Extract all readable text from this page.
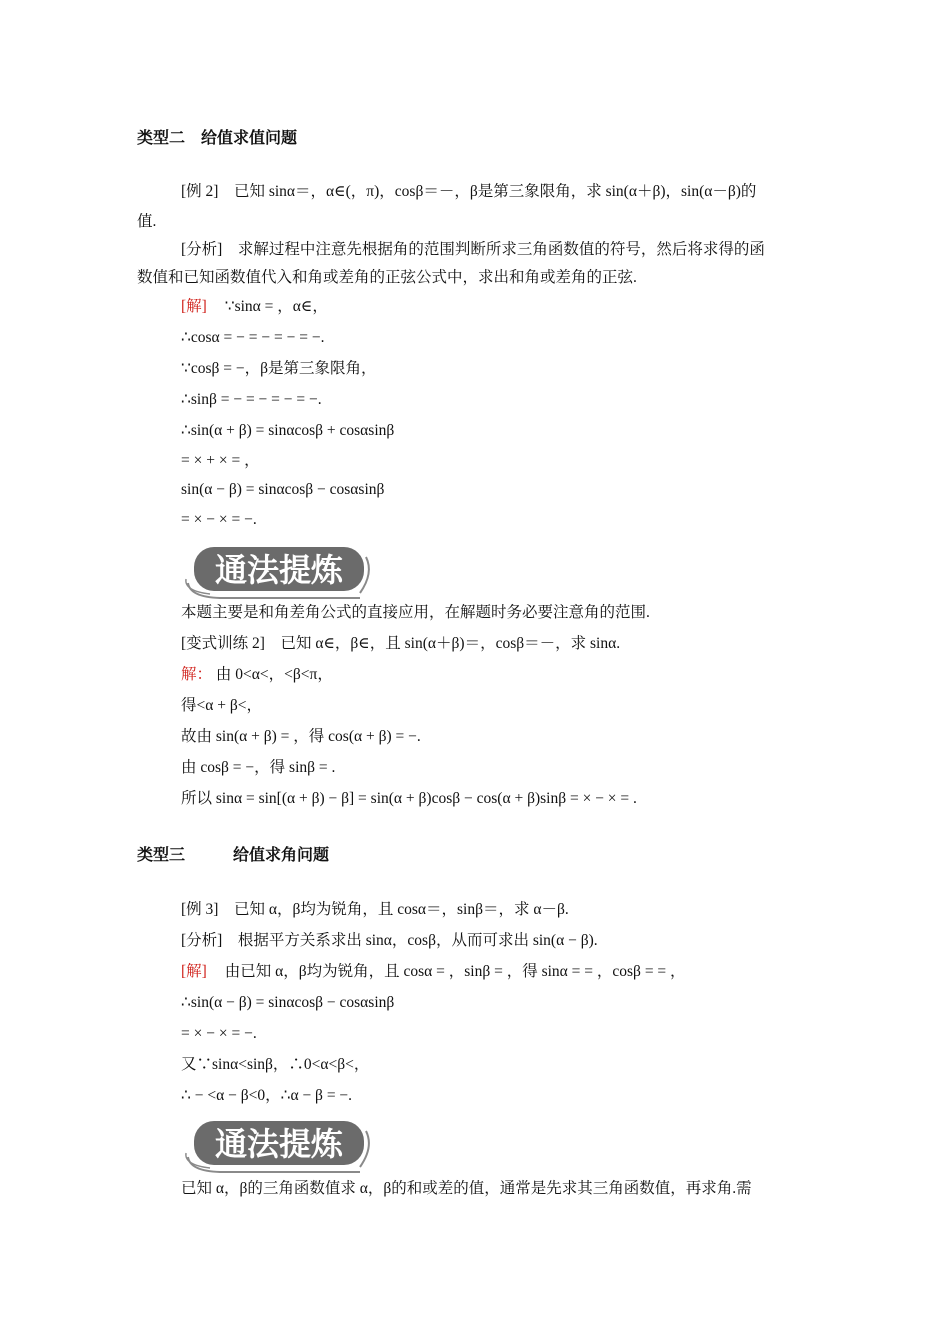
类型二　给值求值问题
[例 2]　已知 sinα＝，α∈(，π)，cosβ＝－，β是第三象限角，求 sin(α＋β)，sin(α－β)的
值.
[分析]　求解过程中注意先根据角的范围判断所求三角函数值的符号，然后将求得的函
数值和已知函数值代入和角或差角的正弦公式中，求出和角或差角的正弦.
[解] ∵sinα = ，α∈，
∴cosα = − = − = − = −.
∵cosβ = −，β是第三象限角，
∴sinβ = − = − = − = −.
∴sin(α + β) = sinαcosβ + cosαsinβ
= × + × = ，
sin(α − β) = sinαcosβ − cosαsinβ
= × − × = −.
通法提炼
本题主要是和角差角公式的直接应用，在解题时务必要注意角的范围.
[变式训练 2]　已知 α∈，β∈，且 sin(α＋β)＝，cosβ＝－，求 sinα.
解： 由 0<α<，<β<π，
得<α + β<，
故由 sin(α + β) = ，得 cos(α + β) = −.
由 cosβ = −，得 sinβ = .
所以 sinα = sin[(α + β) − β] = sin(α + β)cosβ − cos(α + β)sinβ = × − × = .
类型三　　　给值求角问题
[例 3]　已知 α，β均为锐角，且 cosα＝，sinβ＝，求 α－β.
[分析]　根据平方关系求出 sinα，cosβ，从而可求出 sin(α − β).
[解] 由已知 α，β均为锐角，且 cosα = ，sinβ = ，得 sinα = = ，cosβ = = ，
∴sin(α − β) = sinαcosβ − cosαsinβ
= × − × = −.
又∵sinα<sinβ，∴0<α<β<，
∴ − <α − β<0，∴α − β = −.
通法提炼
已知 α，β的三角函数值求 α，β的和或差的值，通常是先求其三角函数值，再求角.需
